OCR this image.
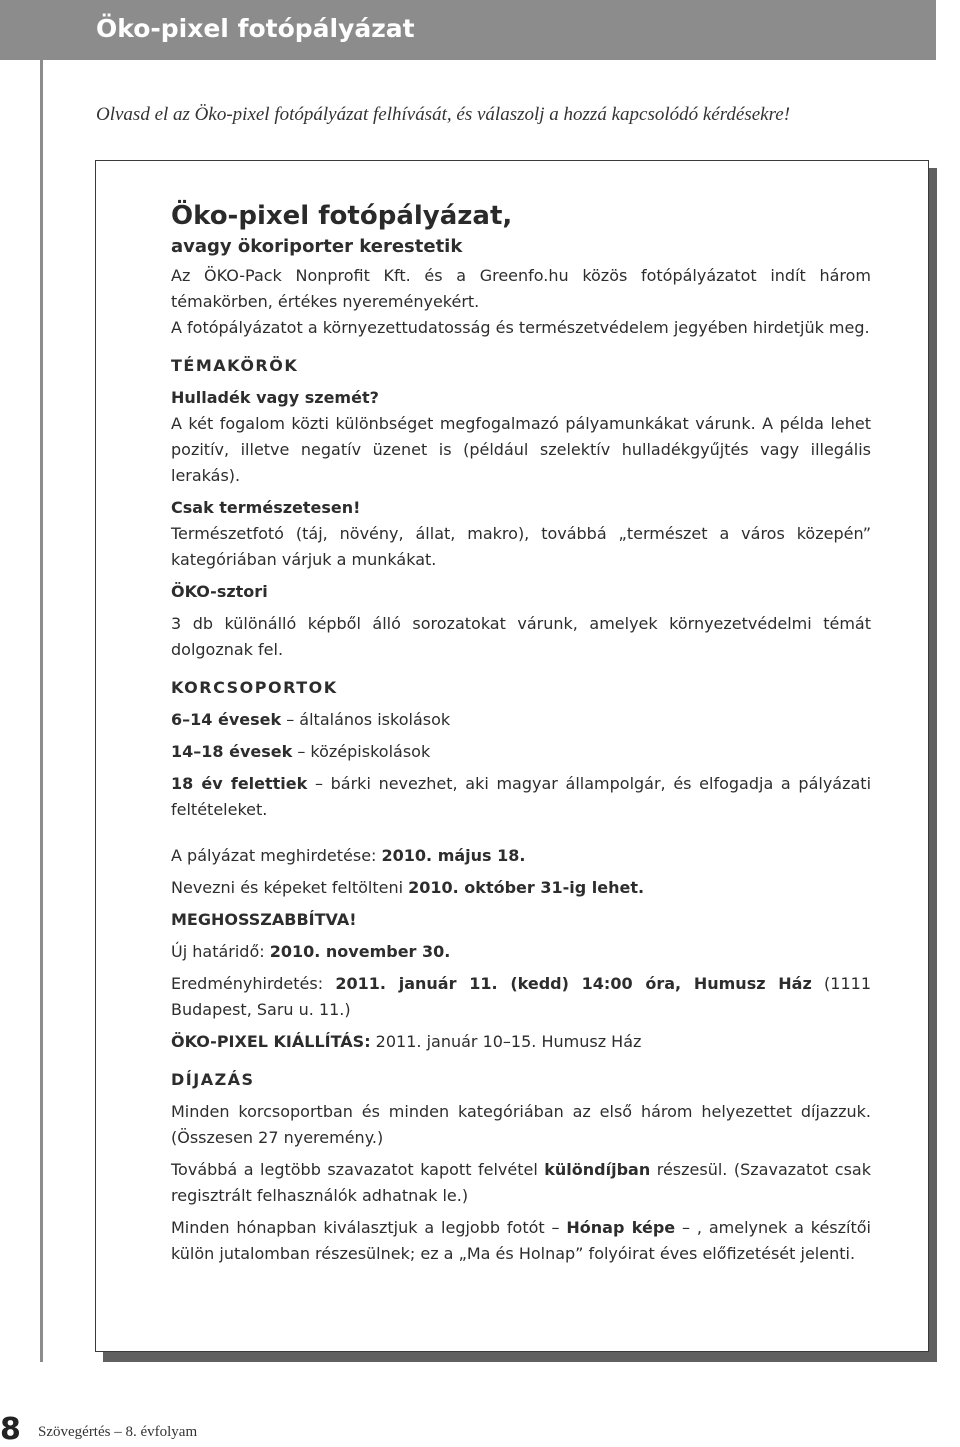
Öko-pixel fotópályázat
Olvasd el az Öko-pixel fotópályázat felhívását, és válaszolj a hozzá kapcsolódó kérdésekre!
Öko-pixel fotópályázat,
avagy ökoriporter kerestetik

Az ÖKO-Pack Nonprofit Kft. és a Greenfo.hu közös fotópályázatot indít három témakörben, értékes nyereményekért.

A fotópályázatot a környezettudatosság és természetvédelem jegyében hirdetjük meg.

TÉMAKÖRÖK
Hulladék vagy szemét?

A két fogalom közti különbséget megfogalmazó pályamunkákat várunk. A példa lehet pozitív, illetve negatív üzenet is (például szelektív hulladékgyűjtés vagy illegális lerakás).

Csak természetesen!

Természetfotó (táj, növény, állat, makro), továbbá „természet a város közepén” kategóriában várjuk a munkákat.

ÖKO-sztori

3 db különálló képből álló sorozatokat várunk, amelyek környezetvédelmi témát dolgoznak fel.

KORCSOPORTOK
6–14 évesek – általános iskolások
14–18 évesek – középiskolások

18 év felettiek – bárki nevezhet, aki magyar állampolgár, és elfogadja a pályázati feltételeket.

A pályázat meghirdetése: 2010. május 18.
Nevezni és képeket feltölteni 2010. október 31-ig lehet.
MEGHOSSZABBÍTVA!
Új határidő: 2010. november 30.

Eredményhirdetés: 2011. január 11. (kedd) 14:00 óra, Humusz Ház (1111 Budapest, Saru u. 11.)

ÖKO-PIXEL KIÁLLÍTÁS: 2011. január 10–15. Humusz Ház
DÍJAZÁS

Minden korcsoportban és minden kategóriában az első három helyezettet díjazzuk. (Összesen 27 nyeremény.)

Továbbá a legtöbb szavazatot kapott felvétel különdíjban részesül. (Szavazatot csak regisztrált felhasználók adhatnak le.)

Minden hónapban kiválasztjuk a legjobb fotót – Hónap képe – , amelynek a készítői külön jutalomban részesülnek; ez a „Ma és Holnap” folyóirat éves előfizetését jelenti.

8 Szövegértés – 8. évfolyam
